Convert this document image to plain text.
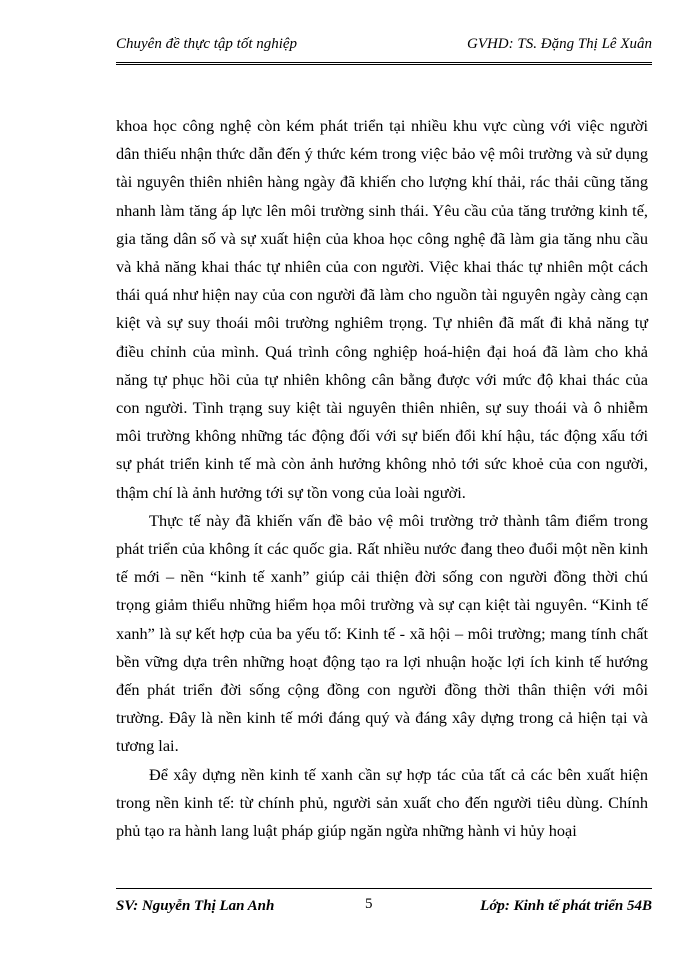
Chuyên đề thực tập tốt nghiệp	GVHD: TS. Đặng Thị Lê Xuân

khoa học công nghệ còn kém phát triển tại nhiều khu vực cùng với việc người dân thiếu nhận thức dẫn đến ý thức kém trong việc bảo vệ môi trường và sử dụng tài nguyên thiên nhiên hàng ngày đã khiến cho lượng khí thải, rác thải cũng tăng nhanh làm tăng áp lực lên môi trường sinh thái. Yêu cầu của tăng trưởng kinh tế, gia tăng dân số và sự xuất hiện của khoa học công nghệ đã làm gia tăng nhu cầu và khả năng khai thác tự nhiên của con người. Việc khai thác tự nhiên một cách thái quá như hiện nay của con người đã làm cho nguồn tài nguyên ngày càng cạn kiệt và sự suy thoái môi trường nghiêm trọng. Tự nhiên đã mất đi khả năng tự điều chỉnh của mình. Quá trình công nghiệp hoá-hiện đại hoá đã làm cho khả năng tự phục hồi của tự nhiên không cân bằng được với mức độ khai thác của con người. Tình trạng suy kiệt tài nguyên thiên nhiên, sự suy thoái và ô nhiễm môi trường không những tác động đối với sự biến đổi khí hậu, tác động xấu tới sự phát triển kinh tế mà còn ảnh hưởng không nhỏ tới sức khoẻ của con người, thậm chí là ảnh hưởng tới sự tồn vong của loài người.

Thực tế này đã khiến vấn đề bảo vệ môi trường trở thành tâm điểm trong phát triển của không ít các quốc gia. Rất nhiều nước đang theo đuổi một nền kinh tế mới – nền “kinh tế xanh” giúp cải thiện đời sống con người đồng thời chú trọng giảm thiểu những hiểm họa môi trường và sự cạn kiệt tài nguyên. “Kinh tế xanh” là sự kết hợp của ba yếu tố: Kinh tế - xã hội – môi trường; mang tính chất bền vững dựa trên những hoạt động tạo ra lợi nhuận hoặc lợi ích kinh tế hướng đến phát triển đời sống cộng đồng con người đồng thời thân thiện với môi trường. Đây là nền kinh tế mới đáng quý và đáng xây dựng trong cả hiện tại và tương lai.

Để xây dựng nền kinh tế xanh cần sự hợp tác của tất cả các bên xuất hiện trong nền kinh tế: từ chính phủ, người sản xuất cho đến người tiêu dùng. Chính phủ tạo ra hành lang luật pháp giúp ngăn ngừa những hành vi hủy hoại

SV: Nguyễn Thị Lan Anh	Lớp: Kinh tế phát triển 54B
5
